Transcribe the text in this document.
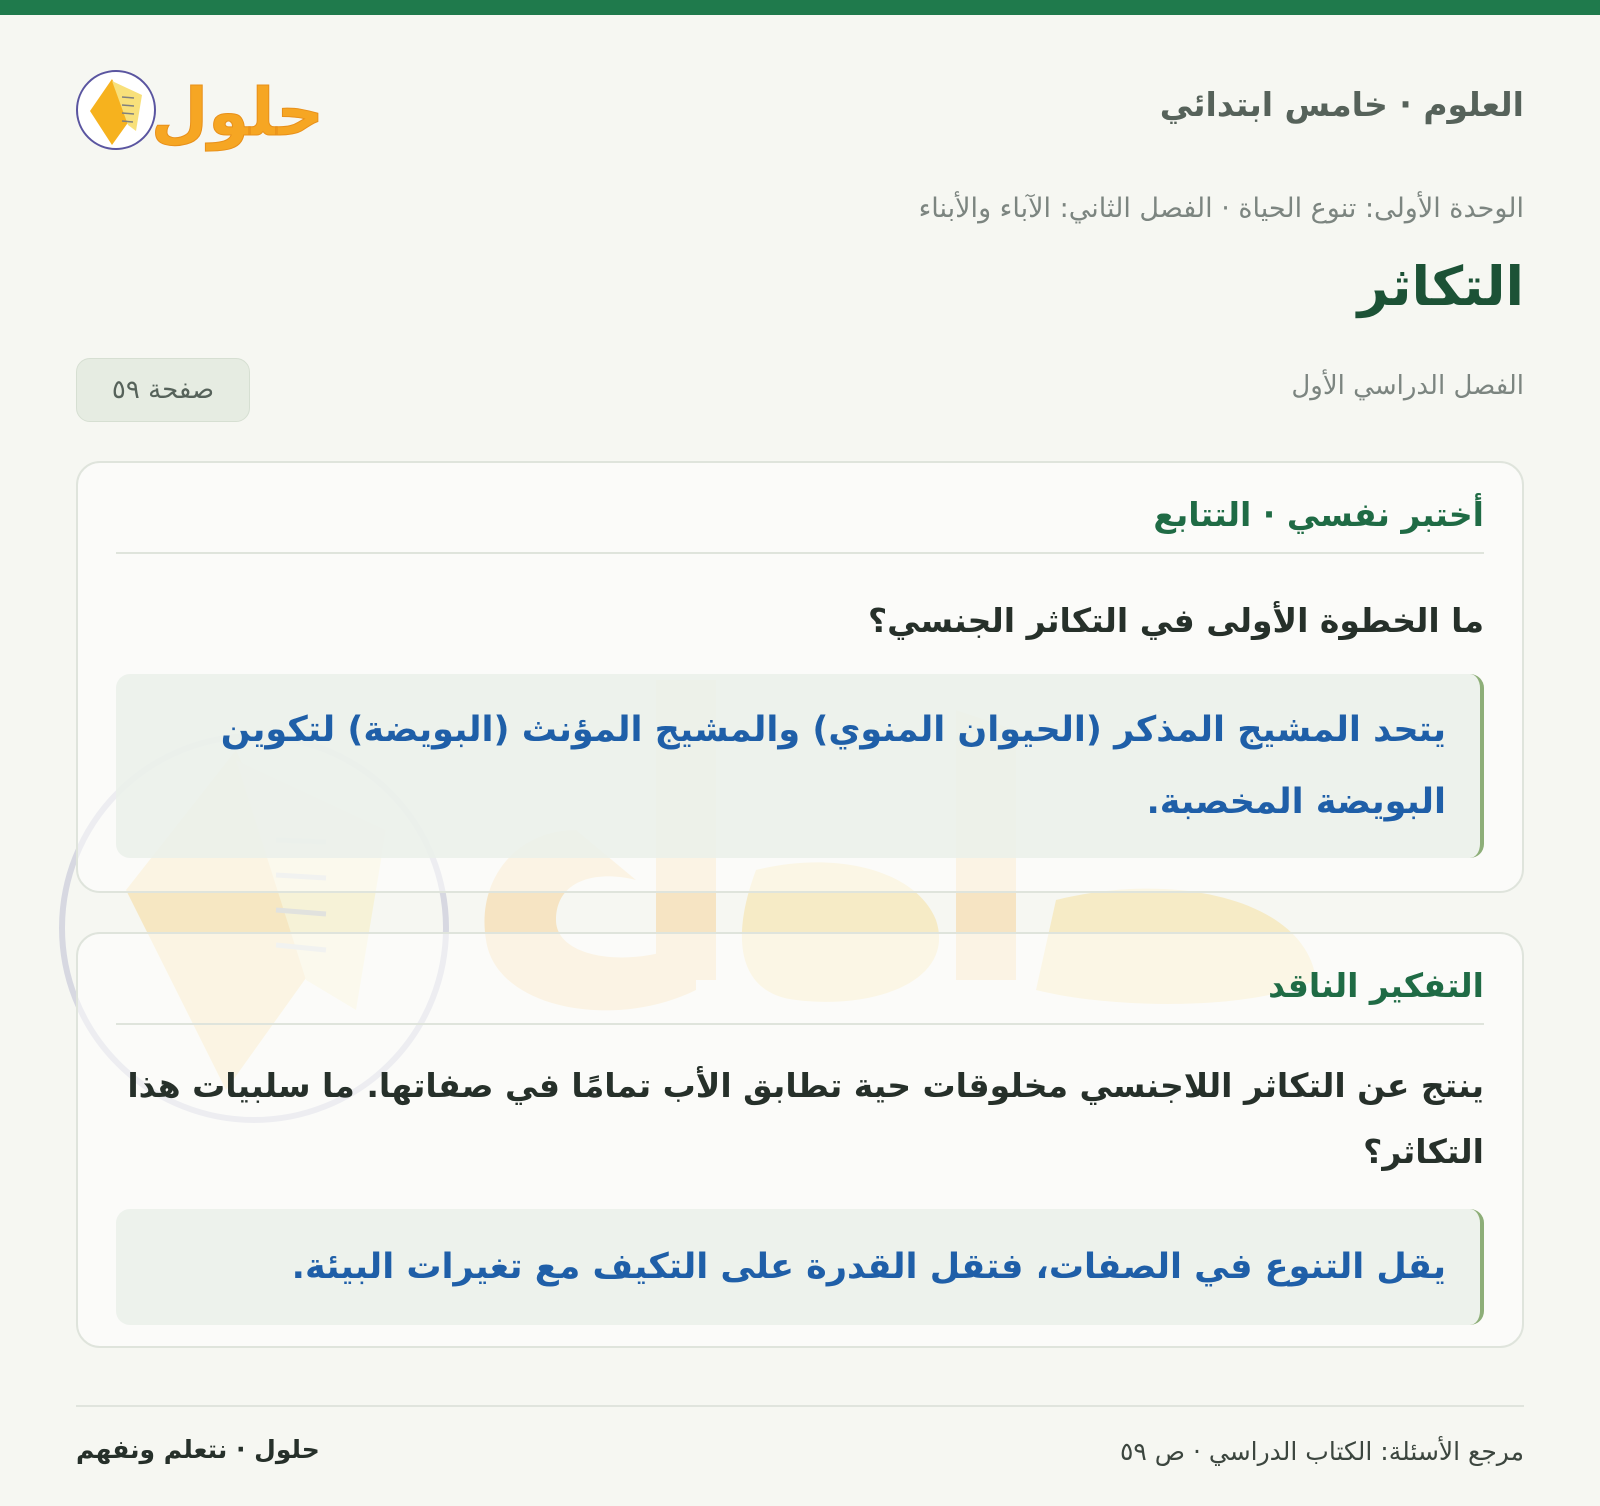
العلوم · خامس ابتدائي
حلول
الوحدة الأولى: تنوع الحياة · الفصل الثاني: الآباء والأبناء
التكاثر
الفصل الدراسي الأول
صفحة ٥٩
أختبر نفسي · التتابع

ما الخطوة الأولى في التكاثر الجنسي؟

يتحد المشيج المذكر (الحيوان المنوي) والمشيج المؤنث (البويضة) لتكوين البويضة المخصبة.
التفكير الناقد

ينتج عن التكاثر اللاجنسي مخلوقات حية تطابق الأب تمامًا في صفاتها. ما سلبيات هذا التكاثر؟

يقل التنوع في الصفات، فتقل القدرة على التكيف مع تغيرات البيئة.
مرجع الأسئلة: الكتاب الدراسي · ص ٥٩
حلول · نتعلم ونفهم
